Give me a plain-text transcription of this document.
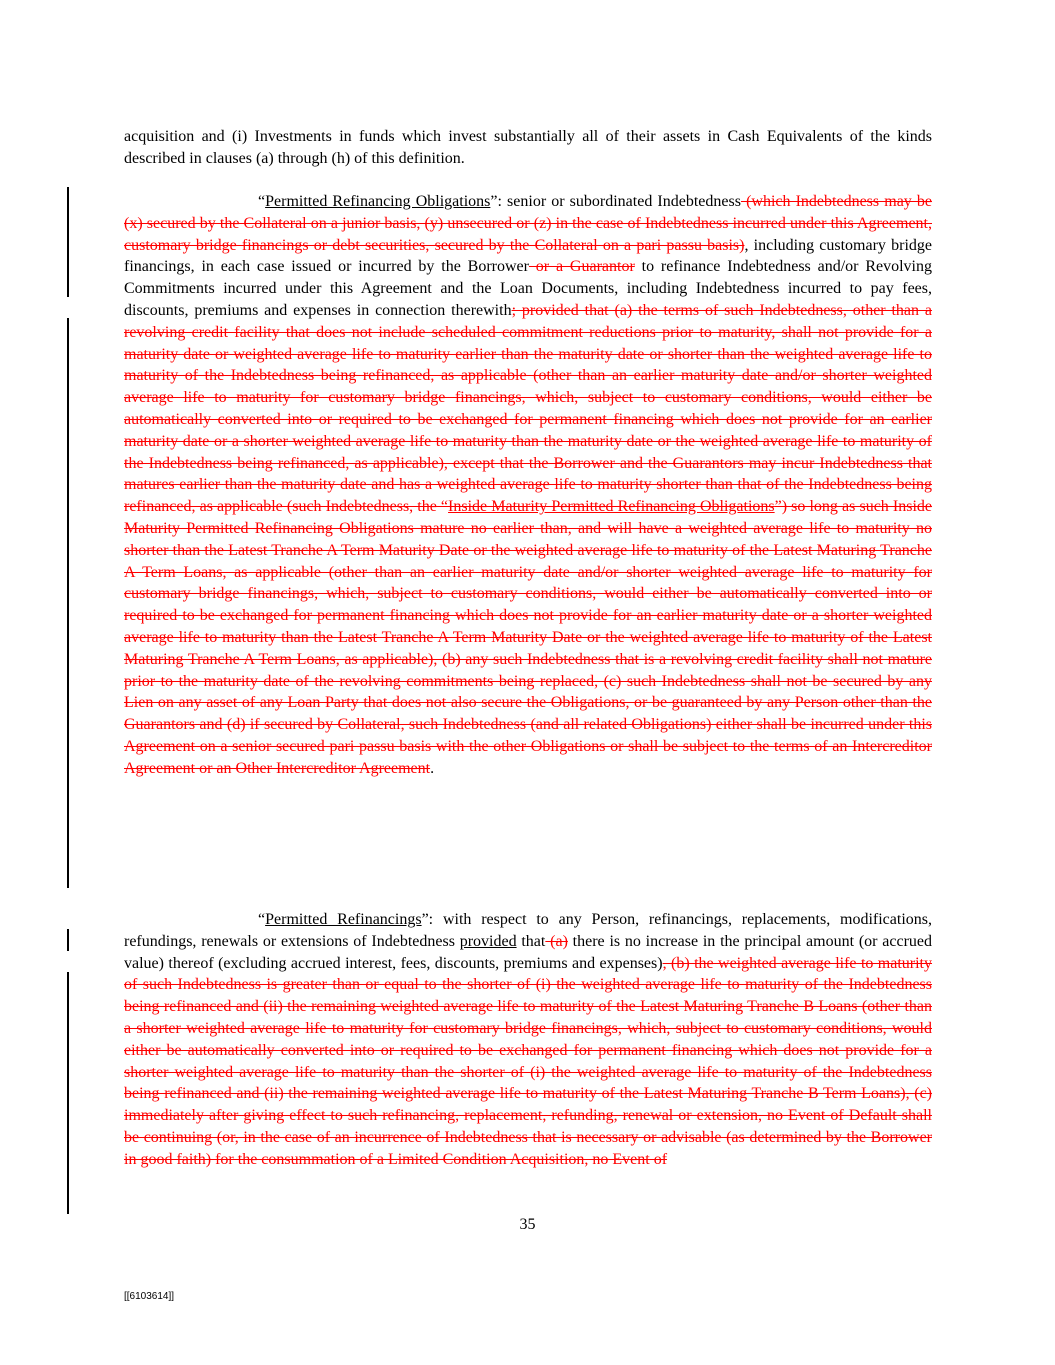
acquisition and (i) Investments in funds which invest substantially all of their assets in Cash Equivalents of the kinds described in clauses (a) through (h) of this definition.
“Permitted Refinancing Obligations”: senior or subordinated Indebtedness (which Indebtedness may be (x) secured by the Collateral on a junior basis, (y) unsecured or (z) in the case of Indebtedness incurred under this Agreement, customary bridge financings or debt securities, secured by the Collateral on a pari passu basis), including customary bridge financings, in each case issued or incurred by the Borrower or a Guarantor to refinance Indebtedness and/or Revolving Commitments incurred under this Agreement and the Loan Documents, including Indebtedness incurred to pay fees, discounts, premiums and expenses in connection therewith; provided that (a) the terms of such Indebtedness, other than a revolving credit facility that does not include scheduled commitment reductions prior to maturity, shall not provide for a maturity date or weighted average life to maturity earlier than the maturity date or shorter than the weighted average life to maturity of the Indebtedness being refinanced, as applicable (other than an earlier maturity date and/or shorter weighted average life to maturity for customary bridge financings, which, subject to customary conditions, would either be automatically converted into or required to be exchanged for permanent financing which does not provide for an earlier maturity date or a shorter weighted average life to maturity than the maturity date or the weighted average life to maturity of the Indebtedness being refinanced, as applicable), except that the Borrower and the Guarantors may incur Indebtedness that matures earlier than the maturity date and has a weighted average life to maturity shorter than that of the Indebtedness being refinanced, as applicable (such Indebtedness, the “Inside Maturity Permitted Refinancing Obligations”) so long as such Inside Maturity Permitted Refinancing Obligations mature no earlier than, and will have a weighted average life to maturity no shorter than the Latest Tranche A Term Maturity Date or the weighted average life to maturity of the Latest Maturing Tranche A Term Loans, as applicable (other than an earlier maturity date and/or shorter weighted average life to maturity for customary bridge financings, which, subject to customary conditions, would either be automatically converted into or required to be exchanged for permanent financing which does not provide for an earlier maturity date or a shorter weighted average life to maturity than the Latest Tranche A Term Maturity Date or the weighted average life to maturity of the Latest Maturing Tranche A Term Loans, as applicable), (b) any such Indebtedness that is a revolving credit facility shall not mature prior to the maturity date of the revolving commitments being replaced, (c) such Indebtedness shall not be secured by any Lien on any asset of any Loan Party that does not also secure the Obligations, or be guaranteed by any Person other than the Guarantors and (d) if secured by Collateral, such Indebtedness (and all related Obligations) either shall be incurred under this Agreement on a senior secured pari passu basis with the other Obligations or shall be subject to the terms of an Intercreditor Agreement or an Other Intercreditor Agreement.
“Permitted Refinancings”: with respect to any Person, refinancings, replacements, modifications, refundings, renewals or extensions of Indebtedness provided that (a) there is no increase in the principal amount (or accrued value) thereof (excluding accrued interest, fees, discounts, premiums and expenses), (b) the weighted average life to maturity of such Indebtedness is greater than or equal to the shorter of (i) the weighted average life to maturity of the Indebtedness being refinanced and (ii) the remaining weighted average life to maturity of the Latest Maturing Tranche B Loans (other than a shorter weighted average life to maturity for customary bridge financings, which, subject to customary conditions, would either be automatically converted into or required to be exchanged for permanent financing which does not provide for a shorter weighted average life to maturity than the shorter of (i) the weighted average life to maturity of the Indebtedness being refinanced and (ii) the remaining weighted average life to maturity of the Latest Maturing Tranche B Term Loans), (c) immediately after giving effect to such refinancing, replacement, refunding, renewal or extension, no Event of Default shall be continuing (or, in the case of an incurrence of Indebtedness that is necessary or advisable (as determined by the Borrower in good faith) for the consummation of a Limited Condition Acquisition, no Event of
35
[[6103614]]
